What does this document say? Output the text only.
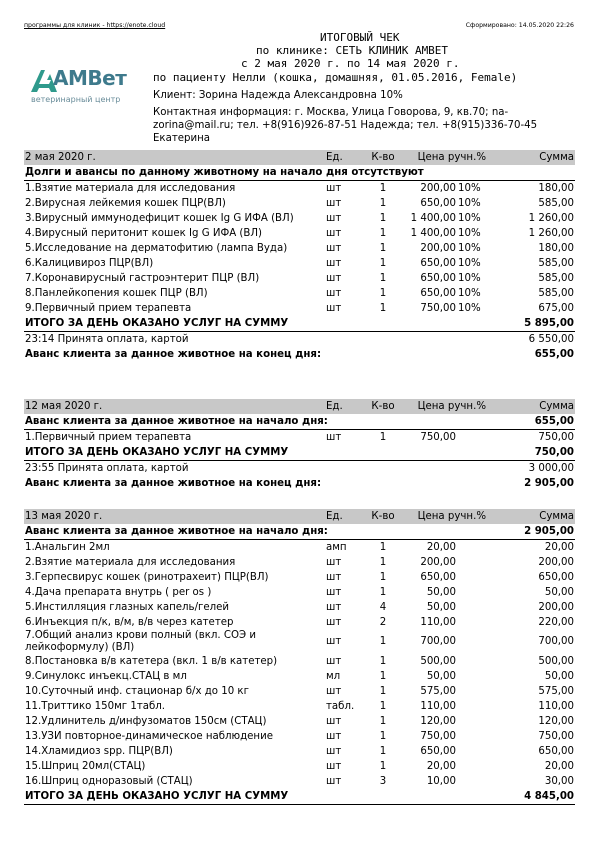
программы для клиник - https://enote.cloud	Сформировано: 14.05.2020 22:26
ИТОГОВЫЙ ЧЕК
по клинике: СЕТЬ КЛИНИК АМВЕТ
с 2 мая 2020 г. по 14 мая 2020 г.
по пациенту Нелли (кошка, домашняя, 01.05.2016, Female)
АМВет
ветеринарный центр	Клиент: Зорина Надежда Александровна 10%
Контактная информация: г. Москва, Улица Говорова, 9, кв.70; na-zorina@mail.ru; тел. +8(916)926-87-51 Надежда; тел. +8(915)336-70-45 Екатерина
2 мая 2020 г.	Ед.	К-во	Цена ручн.%		Сумма
Долги и авансы по данному животному на начало дня отсутствуют					
1.Взятие материала для исследования	шт	1	200,00	10%	180,00
2.Вирусная лейкемия кошек ПЦР(ВЛ)	шт	1	650,00	10%	585,00
3.Вирусный иммунодефицит кошек Ig G ИФА (ВЛ)	шт	1	1 400,00	10%	1 260,00
4.Вирусный перитонит кошек Ig G ИФА (ВЛ)	шт	1	1 400,00	10%	1 260,00
5.Исследование на дерматофитию (лампа Вуда)	шт	1	200,00	10%	180,00
6.Калицивироз ПЦР(ВЛ)	шт	1	650,00	10%	585,00
7.Коронавирусный гастроэнтерит ПЦР (ВЛ)	шт	1	650,00	10%	585,00
8.Панлейкопения кошек ПЦР (ВЛ)	шт	1	650,00	10%	585,00
9.Первичный прием терапевта	шт	1	750,00	10%	675,00
ИТОГО ЗА ДЕНЬ ОКАЗАНО УСЛУГ НА СУММУ					5 895,00
23:14 Принята оплата, картой					6 550,00
Аванс клиента за данное животное на конец дня:					655,00
12 мая 2020 г.	Ед.	К-во	Цена ручн.%		Сумма
Аванс клиента за данное животное на начало дня:					655,00
1.Первичный прием терапевта	шт	1	750,00		750,00
ИТОГО ЗА ДЕНЬ ОКАЗАНО УСЛУГ НА СУММУ					750,00
23:55 Принята оплата, картой					3 000,00
Аванс клиента за данное животное на конец дня:					2 905,00
13 мая 2020 г.	Ед.	К-во	Цена ручн.%		Сумма
Аванс клиента за данное животное на начало дня:					2 905,00
1.Анальгин 2мл	амп	1	20,00		20,00
2.Взятие материала для исследования	шт	1	200,00		200,00
3.Герпесвирус кошек (ринотрахеит) ПЦР(ВЛ)	шт	1	650,00		650,00
4.Дача препарата внутрь ( per os )	шт	1	50,00		50,00
5.Инстилляция глазных капель/гелей	шт	4	50,00		200,00
6.Инъекция п/к, в/м, в/в через катетер	шт	2	110,00		220,00
7.Общий анализ крови полный (вкл. СОЭ и лейкоформулу) (ВЛ)	шт	1	700,00		700,00
8.Постановка в/в катетера (вкл. 1 в/в катетер)	шт	1	500,00		500,00
9.Синулокс инъекц.СТАЦ в мл	мл	1	50,00		50,00
10.Суточный инф. стационар б/х до 10 кг	шт	1	575,00		575,00
11.Триттико 150мг 1табл.	табл.	1	110,00		110,00
12.Удлинитель д/инфузоматов 150см (СТАЦ)	шт	1	120,00		120,00
13.УЗИ повторное-динамическое наблюдение	шт	1	750,00		750,00
14.Хламидиоз spp. ПЦР(ВЛ)	шт	1	650,00		650,00
15.Шприц 20мл(СТАЦ)	шт	1	20,00		20,00
16.Шприц одноразовый (СТАЦ)	шт	3	10,00		30,00
ИТОГО ЗА ДЕНЬ ОКАЗАНО УСЛУГ НА СУММУ					4 845,00
